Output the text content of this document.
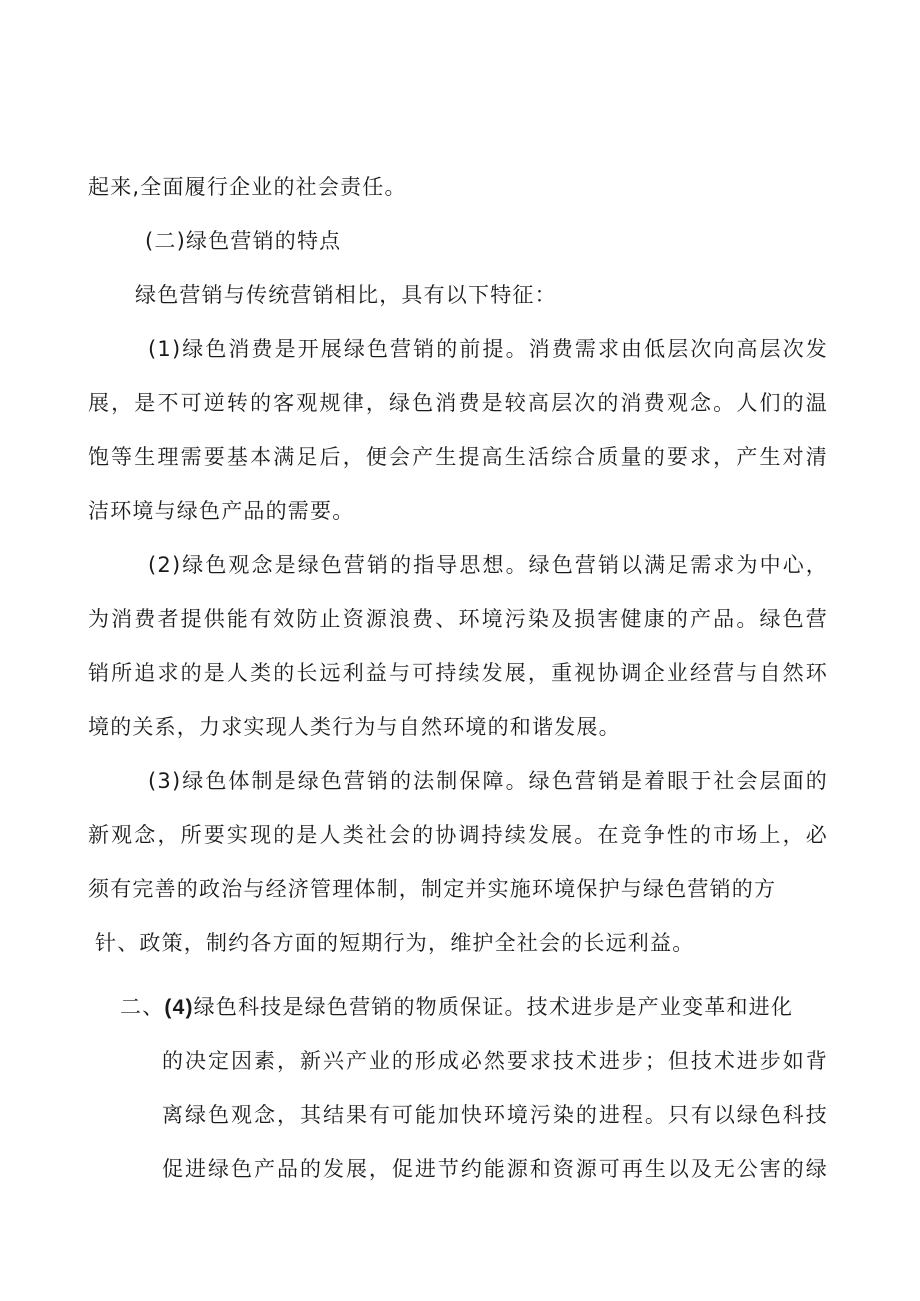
起来,全面履行企业的社会责任。
(二)绿色营销的特点
绿色营销与传统营销相比，具有以下特征：
(1)绿色消费是开展绿色营销的前提。消费需求由低层次向高层次发
展，是不可逆转的客观规律，绿色消费是较高层次的消费观念。人们的温
饱等生理需要基本满足后，便会产生提高生活综合质量的要求，产生对清
洁环境与绿色产品的需要。
(2)绿色观念是绿色营销的指导思想。绿色营销以满足需求为中心，
为消费者提供能有效防止资源浪费、环境污染及损害健康的产品。绿色营
销所追求的是人类的长远利益与可持续发展，重视协调企业经营与自然环
境的关系，力求实现人类行为与自然环境的和谐发展。
(3)绿色体制是绿色营销的法制保障。绿色营销是着眼于社会层面的
新观念，所要实现的是人类社会的协调持续发展。在竞争性的市场上，必
须有完善的政治与经济管理体制，制定并实施环境保护与绿色营销的方
针、政策，制约各方面的短期行为，维护全社会的长远利益。
二、(4)绿色科技是绿色营销的物质保证。技术进步是产业变革和进化
的决定因素，新兴产业的形成必然要求技术进步；但技术进步如背
离绿色观念，其结果有可能加快环境污染的进程。只有以绿色科技
促进绿色产品的发展，促进节约能源和资源可再生以及无公害的绿
